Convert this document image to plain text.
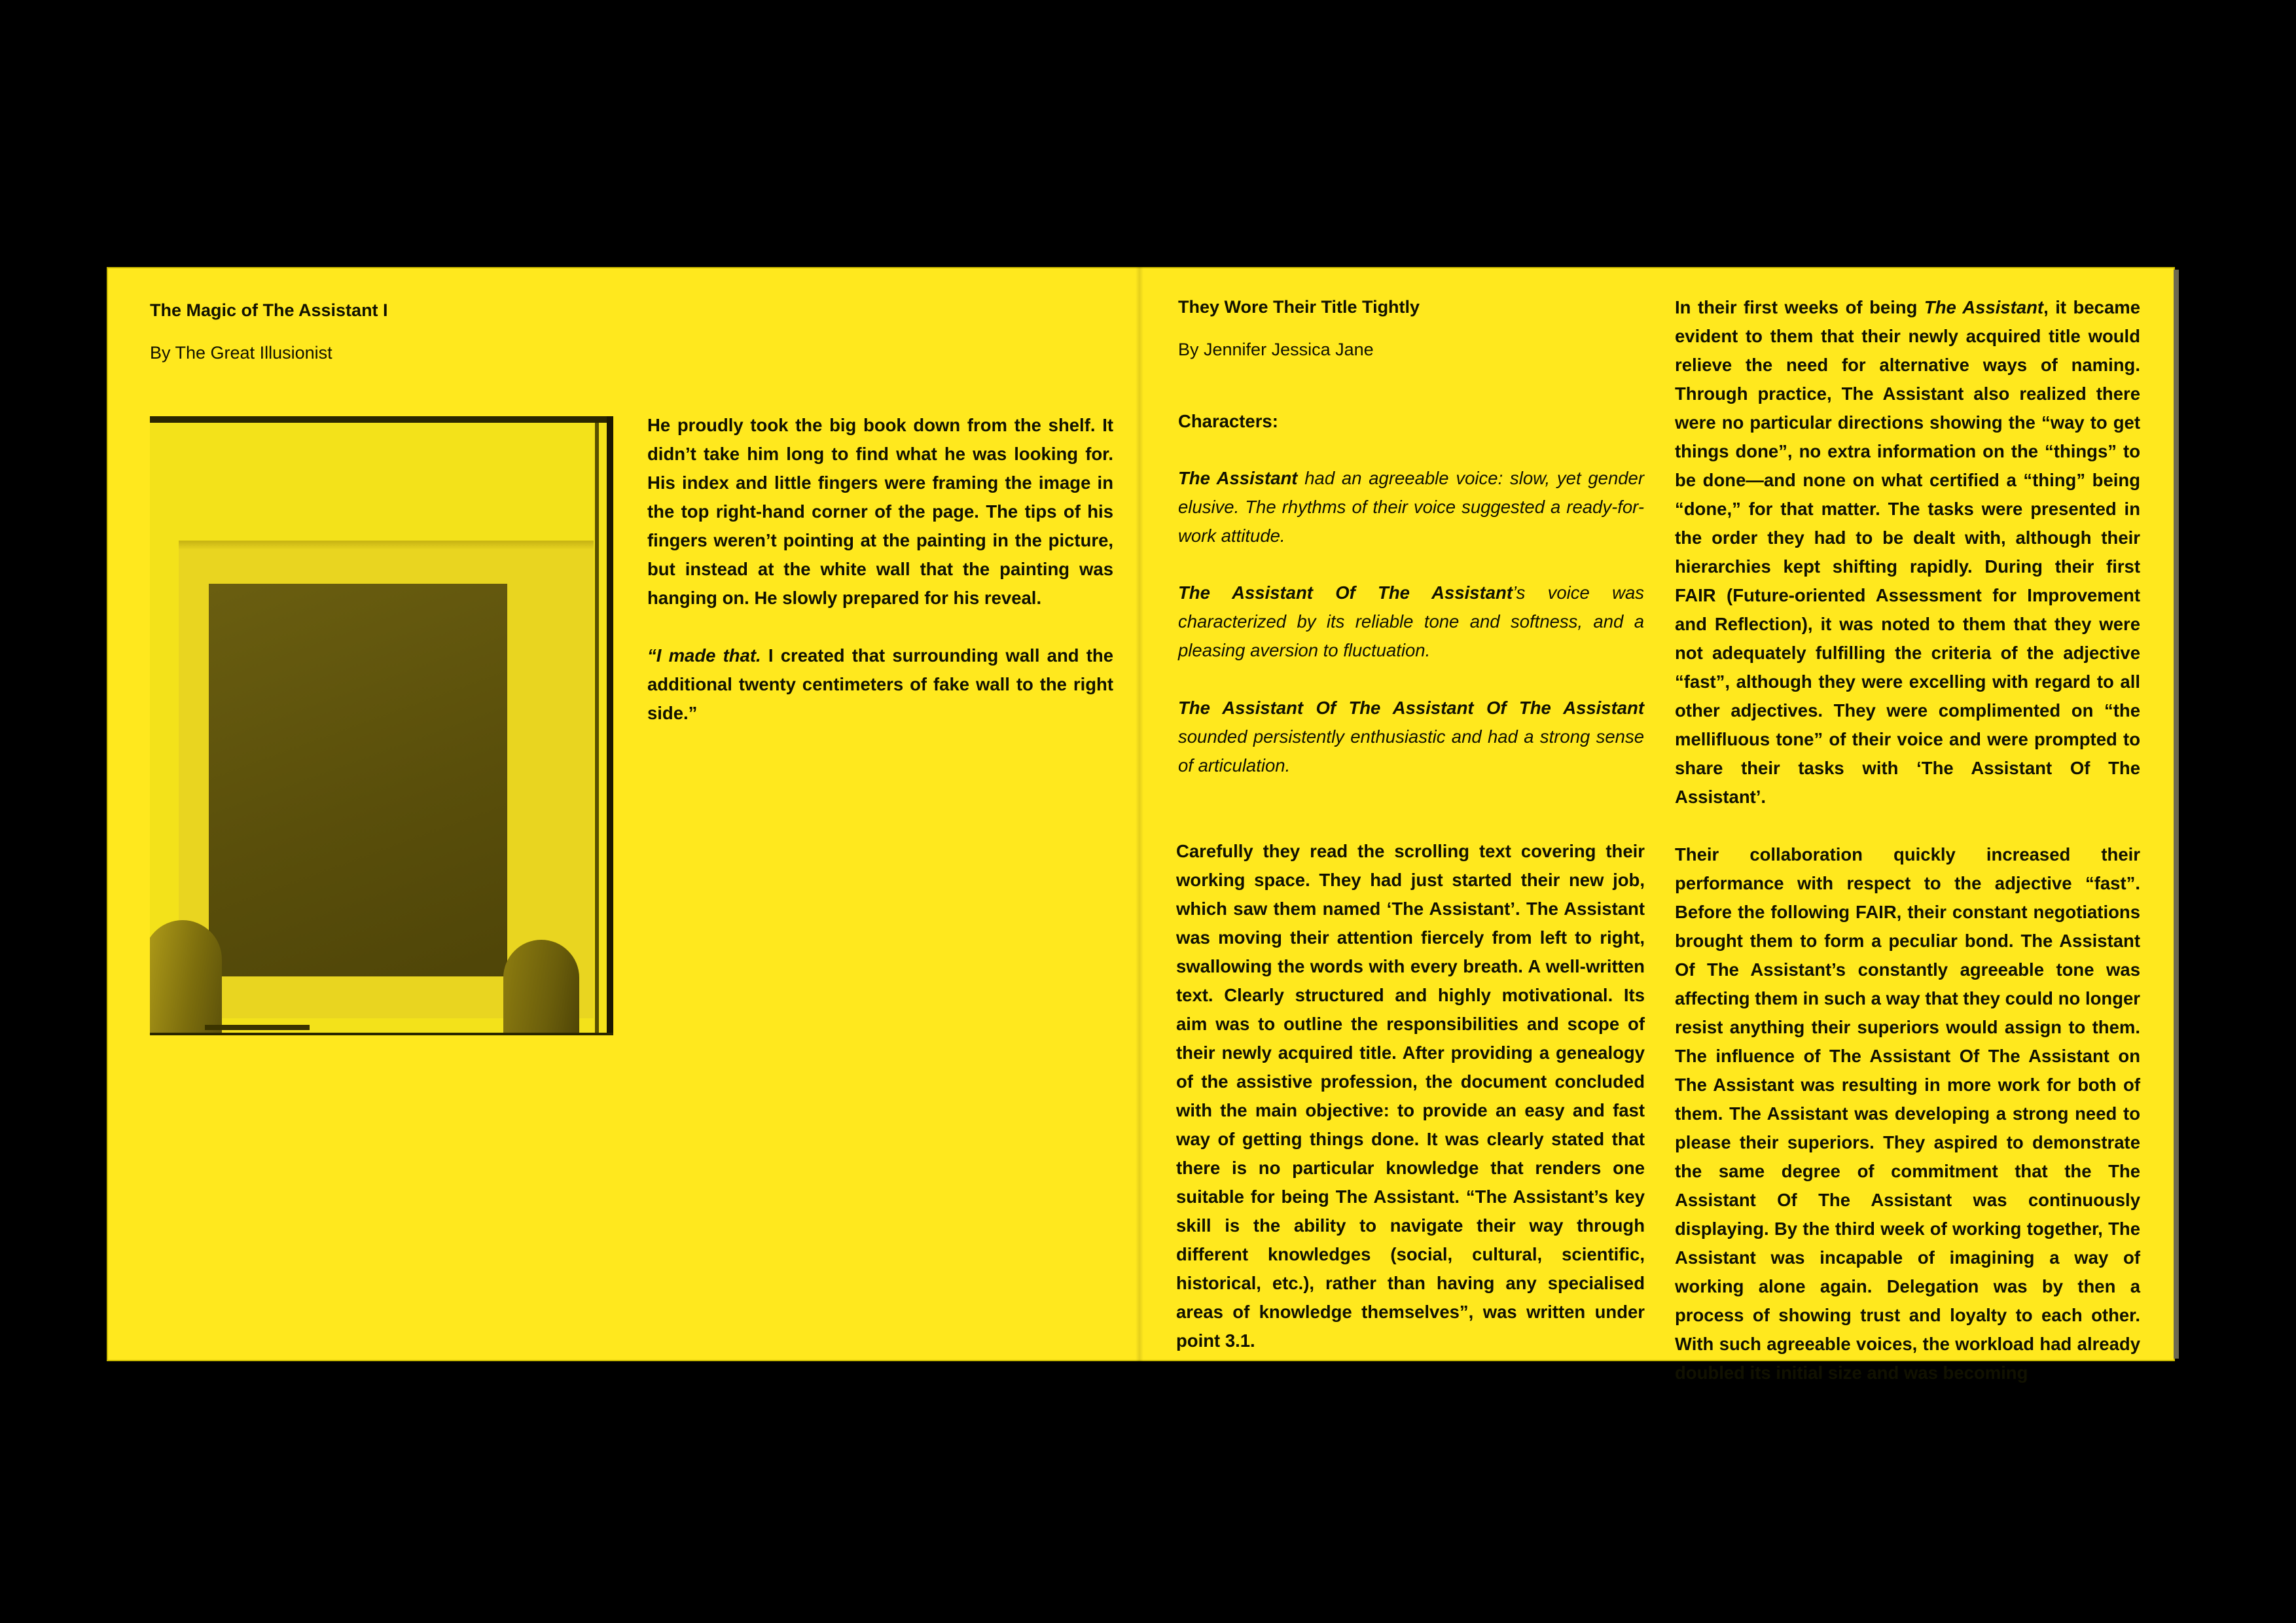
The Magic of The Assistant I
By The Great Illusionist

He proudly took the big book down from the shelf. It didn’t take him long to find what he was looking for. His index and little fingers were framing the image in the top right-hand corner of the page. The tips of his fingers weren’t pointing at the painting in the picture, but instead at the white wall that the painting was hanging on. He slowly prepared for his reveal.

“I made that. I created that surrounding wall and the additional twenty centimeters of fake wall to the right side.”

They Wore Their Title Tightly
By Jennifer Jessica Jane
Characters:
The Assistant had an agreeable voice: slow, yet gender elusive. The rhythms of their voice suggested a ready-for-work attitude.
The Assistant Of The Assistant’s voice was characterized by its reliable tone and softness, and a pleasing aversion to fluctuation.
The Assistant Of The Assistant Of The Assistant sounded persistently enthusiastic and had a strong sense of articulation.
Carefully they read the scrolling text covering their working space. They had just started their new job, which saw them named ‘The Assistant’. The Assistant was moving their attention fiercely from left to right, swallowing the words with every breath. A well-written text. Clearly structured and highly motivational. Its aim was to outline the responsibilities and scope of their newly acquired title. After providing a genealogy of the assistive profession, the document concluded with the main objective: to provide an easy and fast way of getting things done. It was clearly stated that there is no particular knowledge that renders one suitable for being The Assistant. “The Assistant’s key skill is the ability to navigate their way through different knowledges (social, cultural, scientific, historical, etc.), rather than having any specialised areas of knowledge themselves”, was written under point 3.1.

In their first weeks of being The Assistant, it became evident to them that their newly acquired title would relieve the need for alternative ways of naming. Through practice, The Assistant also realized there were no particular directions showing the “way to get things done”, no extra information on the “things” to be done—and none on what certified a “thing” being “done,” for that matter. The tasks were presented in the order they had to be dealt with, although their hierarchies kept shifting rapidly. During their first FAIR (Future-oriented Assessment for Improvement and Reflection), it was noted to them that they were not adequately fulfilling the criteria of the adjective “fast”, although they were excelling with regard to all other adjectives. They were complimented on “the mellifluous tone” of their voice and were prompted to share their tasks with ‘The Assistant Of The Assistant’.

Their collaboration quickly increased their performance with respect to the adjective “fast”. Before the following FAIR, their constant negotiations brought them to form a peculiar bond. The Assistant Of The Assistant’s constantly agreeable tone was affecting them in such a way that they could no longer resist anything their superiors would assign to them. The influence of The Assistant Of The Assistant on The Assistant was resulting in more work for both of them. The Assistant was developing a strong need to please their superiors. They aspired to demonstrate the same degree of commitment that the The Assistant Of The Assistant was continuously displaying. By the third week of working together, The Assistant was incapable of imagining a way of working alone again. Delegation was by then a process of showing trust and loyalty to each other. With such agreeable voices, the workload had already doubled its initial size and was becoming
